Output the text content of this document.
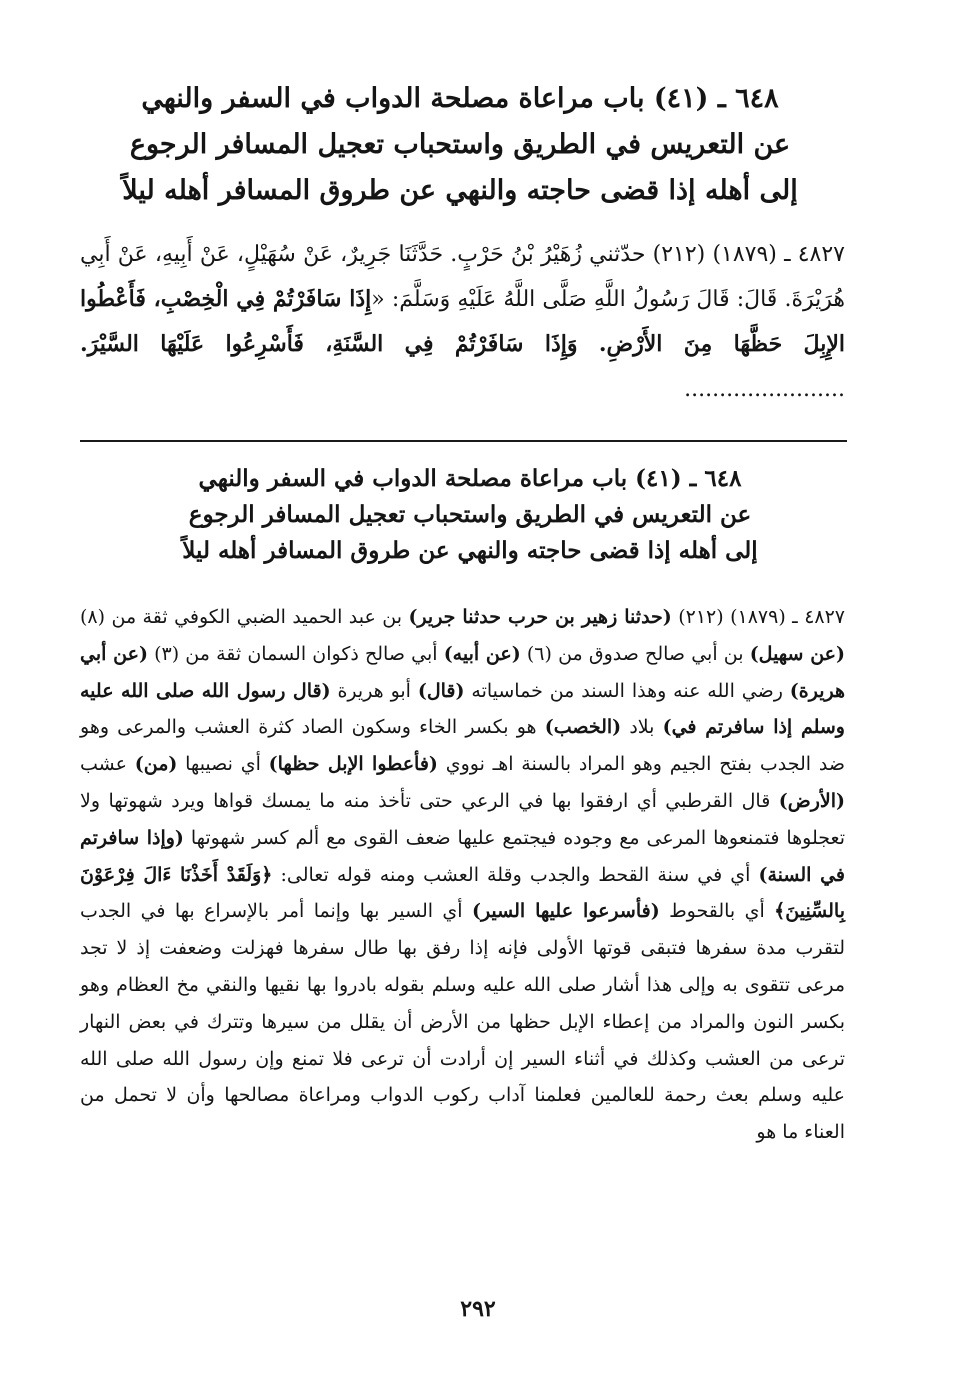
٦٤٨ ـ (٤١) باب مراعاة مصلحة الدواب في السفر والنهي
عن التعريس في الطريق واستحباب تعجيل المسافر الرجوع
إلى أهله إذا قضى حاجته والنهي عن طروق المسافر أهله ليلاً

٤٨٢٧ ـ (١٨٧٩) (٢١٢) حدّثني زُهَيْرُ بْنُ حَرْبٍ. حَدَّثَنَا جَرِيرٌ، عَنْ سُهَيْلٍ، عَنْ أَبِيهِ، عَنْ أَبِي هُرَيْرَةَ. قَالَ: قَالَ رَسُولُ اللَّهِ صَلَّى اللَّهُ عَلَيْهِ وَسَلَّمَ: «إِذَا سَافَرْتُمْ فِي الْخِصْبِ، فَأَعْطُوا الإِبِلَ حَظَّهَا مِنَ الأَرْضِ. وَإِذَا سَافَرْتُمْ فِي السَّنَةِ، فَأَسْرِعُوا عَلَيْهَا السَّيْرَ. .......................

٦٤٨ ـ (٤١) باب مراعاة مصلحة الدواب في السفر والنهي
عن التعريس في الطريق واستحباب تعجيل المسافر الرجوع
إلى أهله إذا قضى حاجته والنهي عن طروق المسافر أهله ليلاً

٤٨٢٧ ـ (١٨٧٩) (٢١٢) (حدثنا زهير بن حرب حدثنا جرير) بن عبد الحميد الضبي الكوفي ثقة من (٨) (عن سهيل) بن أبي صالح صدوق من (٦) (عن أبيه) أبي صالح ذكوان السمان ثقة من (٣) (عن أبي هريرة) رضي الله عنه وهذا السند من خماسياته (قال) أبو هريرة (قال رسول الله صلى الله عليه وسلم إذا سافرتم في) بلاد (الخصب) هو بكسر الخاء وسكون الصاد كثرة العشب والمرعى وهو ضد الجدب بفتح الجيم وهو المراد بالسنة اهـ نووي (فأعطوا الإبل حظها) أي نصيبها (من) عشب (الأرض) قال القرطبي أي ارفقوا بها في الرعي حتى تأخذ منه ما يمسك قواها ويرد شهوتها ولا تعجلوها فتمنعوها المرعى مع وجوده فيجتمع عليها ضعف القوى مع ألم كسر شهوتها (وإذا سافرتم في السنة) أي في سنة القحط والجدب وقلة العشب ومنه قوله تعالى: ﴿وَلَقَدْ أَخَذْنَا ءَالَ فِرْعَوْنَ بِالسِّنِينَ﴾ أي بالقحوط (فأسرعوا عليها السير) أي السير بها وإنما أمر بالإسراع بها في الجدب لتقرب مدة سفرها فتبقى قوتها الأولى فإنه إذا رفق بها طال سفرها فهزلت وضعفت إذ لا تجد مرعى تتقوى به وإلى هذا أشار صلى الله عليه وسلم بقوله بادروا بها نقيها والنقي مخ العظام وهو بكسر النون والمراد من إعطاء الإبل حظها من الأرض أن يقلل من سيرها وتترك في بعض النهار ترعى من العشب وكذلك في أثناء السير إن أرادت أن ترعى فلا تمنع وإن رسول الله صلى الله عليه وسلم بعث رحمة للعالمين فعلمنا آداب ركوب الدواب ومراعاة مصالحها وأن لا تحمل من العناء ما هو

٢٩٢
